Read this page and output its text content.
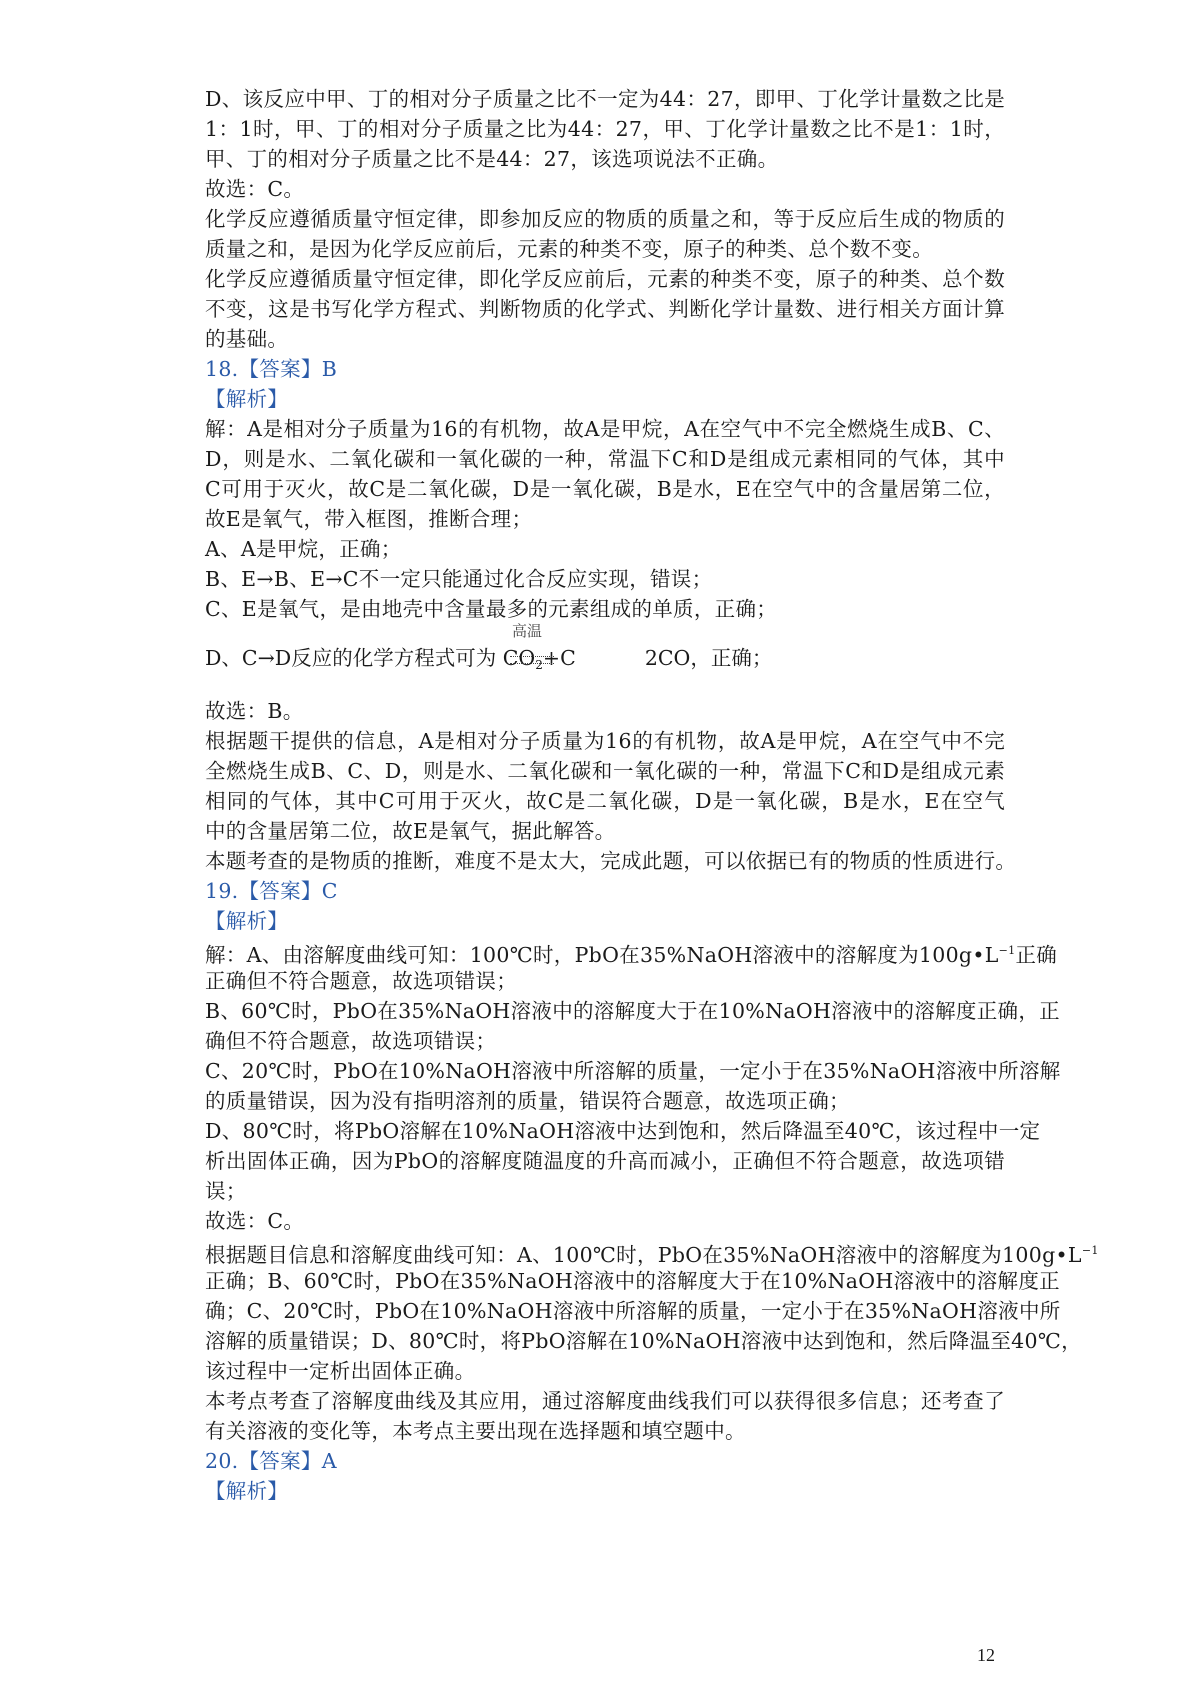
D、该反应中甲、丁的相对分子质量之比不一定为44：27，即甲、丁化学计量数之比是
1：1时，甲、丁的相对分子质量之比为44：27，甲、丁化学计量数之比不是1：1时，
甲、丁的相对分子质量之比不是44：27，该选项说法不正确。
故选：C。
化学反应遵循质量守恒定律，即参加反应的物质的质量之和，等于反应后生成的物质的
质量之和，是因为化学反应前后，元素的种类不变，原子的种类、总个数不变。
化学反应遵循质量守恒定律，即化学反应前后，元素的种类不变，原子的种类、总个数
不变，这是书写化学方程式、判断物质的化学式、判断化学计量数、进行相关方面计算
的基础。
18.【答案】B
【解析】
解：A是相对分子质量为16的有机物，故A是甲烷，A在空气中不完全燃烧生成B、C、
D，则是水、二氧化碳和一氧化碳的一种，常温下C和D是组成元素相同的气体，其中
C可用于灭火，故C是二氧化碳，D是一氧化碳，B是水，E在空气中的含量居第二位，
故E是氧气，带入框图，推断合理；
A、A是甲烷，正确；
B、E→B、E→C不一定只能通过化合反应实现，错误；
C、E是氧气，是由地壳中含量最多的元素组成的单质，正确；
D、C→D反应的化学方程式可为 $CO_2+C$	2CO，正确；
高温
故选：B。
根据题干提供的信息，A是相对分子质量为16的有机物，故A是甲烷，A在空气中不完
全燃烧生成B、C、D，则是水、二氧化碳和一氧化碳的一种，常温下C和D是组成元素
相同的气体，其中C可用于灭火，故C是二氧化碳，D是一氧化碳，B是水，E在空气
中的含量居第二位，故E是氧气，据此解答。
本题考查的是物质的推断，难度不是太大，完成此题，可以依据已有的物质的性质进行。
19.【答案】C
【解析】
解：A、由溶解度曲线可知：100℃时，PbO在35%NaOH溶液中的溶解度为$100g•L^{-1}$正确
正确但不符合题意，故选项错误；
B、60℃时，PbO在35%NaOH溶液中的溶解度大于在10%NaOH溶液中的溶解度正确，正
确但不符合题意，故选项错误；
C、20℃时，PbO在10%NaOH溶液中所溶解的质量，一定小于在35%NaOH溶液中所溶解
的质量错误，因为没有指明溶剂的质量，错误符合题意，故选项正确；
D、80℃时，将PbO溶解在10%NaOH溶液中达到饱和，然后降温至40℃，该过程中一定
析出固体正确，因为PbO的溶解度随温度的升高而减小，正确但不符合题意，故选项错
误；
故选：C。
根据题目信息和溶解度曲线可知：A、100℃时，PbO在35%NaOH溶液中的溶解度为$100g•L^{-1}$
正确；B、60℃时，PbO在35%NaOH溶液中的溶解度大于在10%NaOH溶液中的溶解度正
确；C、20℃时，PbO在10%NaOH溶液中所溶解的质量，一定小于在35%NaOH溶液中所
溶解的质量错误；D、80℃时，将PbO溶解在10%NaOH溶液中达到饱和，然后降温至40℃，
该过程中一定析出固体正确。
本考点考查了溶解度曲线及其应用，通过溶解度曲线我们可以获得很多信息；还考查了
有关溶液的变化等，本考点主要出现在选择题和填空题中。
20.【答案】A
【解析】
12
